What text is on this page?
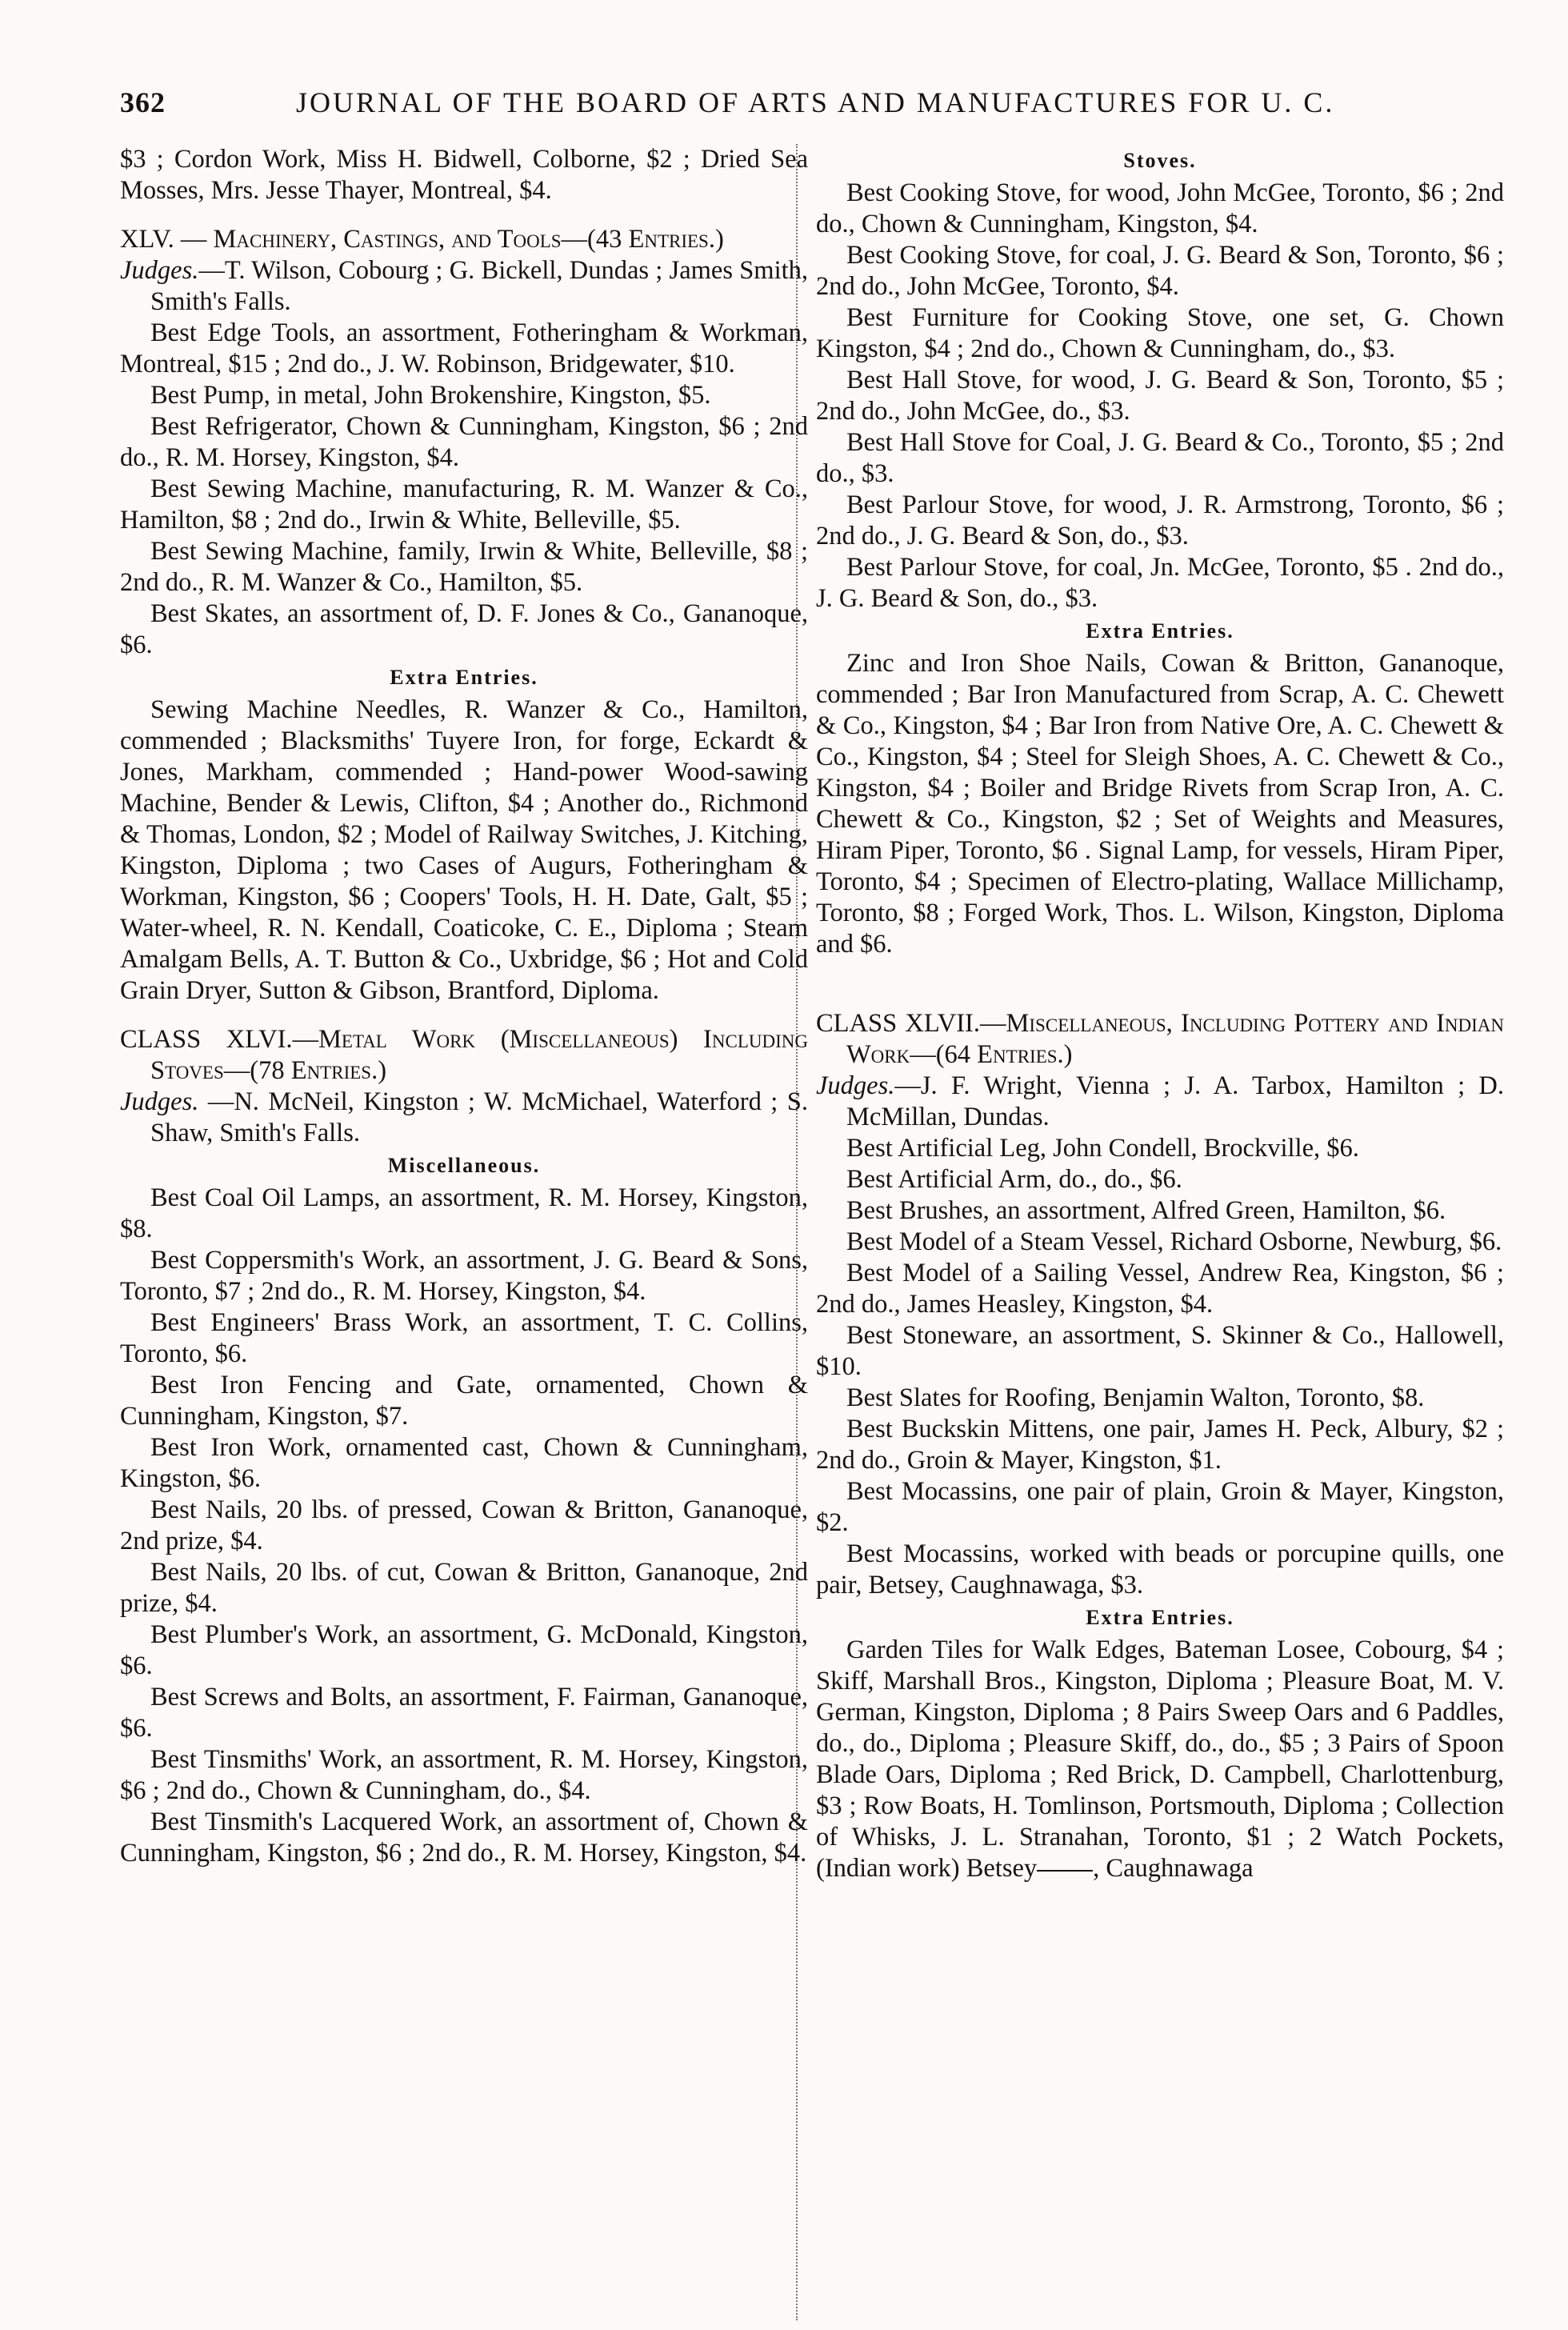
362	JOURNAL OF THE BOARD OF ARTS AND MANUFACTURES FOR U. C.

$3 ; Cordon Work, Miss H. Bidwell, Colborne, $2 ; Dried Sea Mosses, Mrs. Jesse Thayer, Montreal, $4.

XLV. — Machinery, Castings, and Tools—(43 Entries.)

Judges.—T. Wilson, Cobourg ; G. Bickell, Dundas ; James Smith, Smith's Falls.

Best Edge Tools, an assortment, Fotheringham & Workman, Montreal, $15 ; 2nd do., J. W. Robinson, Bridgewater, $10.

Best Pump, in metal, John Brokenshire, Kingston, $5.

Best Refrigerator, Chown & Cunningham, Kingston, $6 ; 2nd do., R. M. Horsey, Kingston, $4.

Best Sewing Machine, manufacturing, R. M. Wanzer & Co., Hamilton, $8 ; 2nd do., Irwin & White, Belleville, $5.

Best Sewing Machine, family, Irwin & White, Belleville, $8 ; 2nd do., R. M. Wanzer & Co., Hamilton, $5.

Best Skates, an assortment of, D. F. Jones & Co., Gananoque, $6.

Extra Entries.

Sewing Machine Needles, R. Wanzer & Co., Hamilton, commended ; Blacksmiths' Tuyere Iron, for forge, Eckardt & Jones, Markham, commended ; Hand-power Wood-sawing Machine, Bender & Lewis, Clifton, $4 ; Another do., Richmond & Thomas, London, $2 ; Model of Railway Switches, J. Kitching, Kingston, Diploma ; two Cases of Augurs, Fotheringham & Workman, Kingston, $6 ; Coopers' Tools, H. H. Date, Galt, $5 ; Water-wheel, R. N. Kendall, Coaticoke, C. E., Diploma ; Steam Amalgam Bells, A. T. Button & Co., Uxbridge, $6 ; Hot and Cold Grain Dryer, Sutton & Gibson, Brantford, Diploma.

CLASS XLVI.—Metal Work (Miscellaneous) Including Stoves—(78 Entries.)

Judges. —N. McNeil, Kingston ; W. McMichael, Waterford ; S. Shaw, Smith's Falls.

Miscellaneous.

Best Coal Oil Lamps, an assortment, R. M. Horsey, Kingston, $8.

Best Coppersmith's Work, an assortment, J. G. Beard & Sons, Toronto, $7 ; 2nd do., R. M. Horsey, Kingston, $4.

Best Engineers' Brass Work, an assortment, T. C. Collins, Toronto, $6.

Best Iron Fencing and Gate, ornamented, Chown & Cunningham, Kingston, $7.

Best Iron Work, ornamented cast, Chown & Cunningham, Kingston, $6.

Best Nails, 20 lbs. of pressed, Cowan & Britton, Gananoque, 2nd prize, $4.

Best Nails, 20 lbs. of cut, Cowan & Britton, Gananoque, 2nd prize, $4.

Best Plumber's Work, an assortment, G. McDonald, Kingston, $6.

Best Screws and Bolts, an assortment, F. Fairman, Gananoque, $6.

Best Tinsmiths' Work, an assortment, R. M. Horsey, Kingston, $6 ; 2nd do., Chown & Cunningham, do., $4.

Best Tinsmith's Lacquered Work, an assortment of, Chown & Cunningham, Kingston, $6 ; 2nd do., R. M. Horsey, Kingston, $4.

Stoves.

Best Cooking Stove, for wood, John McGee, Toronto, $6 ; 2nd do., Chown & Cunningham, Kingston, $4.

Best Cooking Stove, for coal, J. G. Beard & Son, Toronto, $6 ; 2nd do., John McGee, Toronto, $4.

Best Furniture for Cooking Stove, one set, G. Chown Kingston, $4 ; 2nd do., Chown & Cunningham, do., $3.

Best Hall Stove, for wood, J. G. Beard & Son, Toronto, $5 ; 2nd do., John McGee, do., $3.

Best Hall Stove for Coal, J. G. Beard & Co., Toronto, $5 ; 2nd do., $3.

Best Parlour Stove, for wood, J. R. Armstrong, Toronto, $6 ; 2nd do., J. G. Beard & Son, do., $3.

Best Parlour Stove, for coal, Jn. McGee, Toronto, $5 . 2nd do., J. G. Beard & Son, do., $3.

Extra Entries.

Zinc and Iron Shoe Nails, Cowan & Britton, Gananoque, commended ; Bar Iron Manufactured from Scrap, A. C. Chewett & Co., Kingston, $4 ; Bar Iron from Native Ore, A. C. Chewett & Co., Kingston, $4 ; Steel for Sleigh Shoes, A. C. Chewett & Co., Kingston, $4 ; Boiler and Bridge Rivets from Scrap Iron, A. C. Chewett & Co., Kingston, $2 ; Set of Weights and Measures, Hiram Piper, Toronto, $6 . Signal Lamp, for vessels, Hiram Piper, Toronto, $4 ; Specimen of Electro-plating, Wallace Millichamp, Toronto, $8 ; Forged Work, Thos. L. Wilson, Kingston, Diploma and $6.

CLASS XLVII.—Miscellaneous, Including Pottery and Indian Work—(64 Entries.)

Judges.—J. F. Wright, Vienna ; J. A. Tarbox, Hamilton ; D. McMillan, Dundas.

Best Artificial Leg, John Condell, Brockville, $6.

Best Artificial Arm, do., do., $6.

Best Brushes, an assortment, Alfred Green, Hamilton, $6.

Best Model of a Steam Vessel, Richard Osborne, Newburg, $6.

Best Model of a Sailing Vessel, Andrew Rea, Kingston, $6 ; 2nd do., James Heasley, Kingston, $4.

Best Stoneware, an assortment, S. Skinner & Co., Hallowell, $10.

Best Slates for Roofing, Benjamin Walton, Toronto, $8.

Best Buckskin Mittens, one pair, James H. Peck, Albury, $2 ; 2nd do., Groin & Mayer, Kingston, $1.

Best Mocassins, one pair of plain, Groin & Mayer, Kingston, $2.

Best Mocassins, worked with beads or porcupine quills, one pair, Betsey, Caughnawaga, $3.

Extra Entries.

Garden Tiles for Walk Edges, Bateman Losee, Cobourg, $4 ; Skiff, Marshall Bros., Kingston, Diploma ; Pleasure Boat, M. V. German, Kingston, Diploma ; 8 Pairs Sweep Oars and 6 Paddles, do., do., Diploma ; Pleasure Skiff, do., do., $5 ; 3 Pairs of Spoon Blade Oars, Diploma ; Red Brick, D. Campbell, Charlottenburg, $3 ; Row Boats, H. Tomlinson, Portsmouth, Diploma ; Collection of Whisks, J. L. Stranahan, Toronto, $1 ; 2 Watch Pockets, (Indian work) Betsey , Caughnawaga
